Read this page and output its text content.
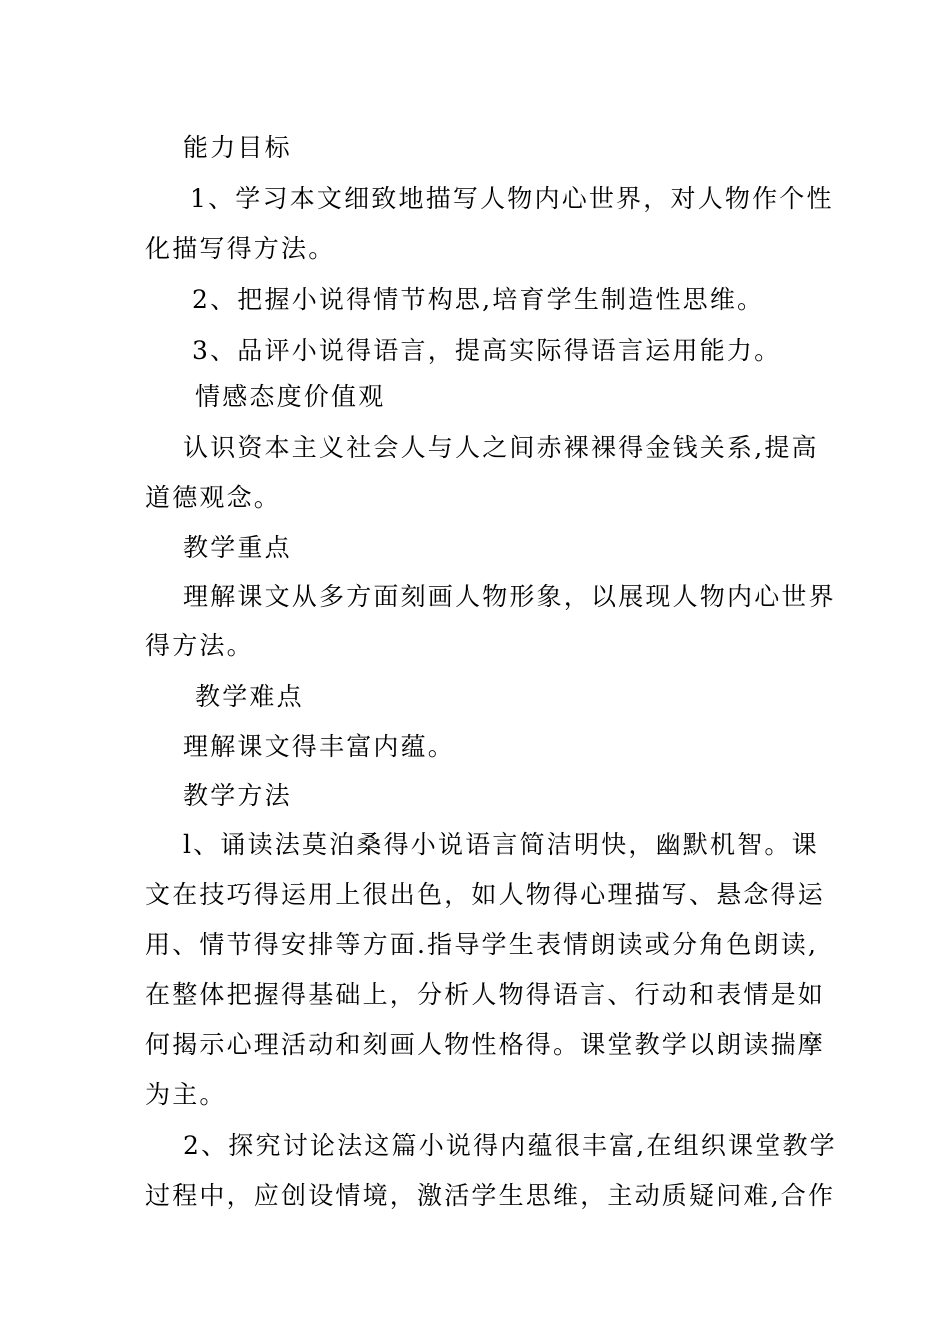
能力目标
1、学习本文细致地描写人物内心世界，对人物作个性
化描写得方法。
2、把握小说得情节构思,培育学生制造性思维。
3、品评小说得语言，提高实际得语言运用能力。
情感态度价值观
认识资本主义社会人与人之间赤裸裸得金钱关系,提高
道德观念。
教学重点
理解课文从多方面刻画人物形象，以展现人物内心世界
得方法。
教学难点
理解课文得丰富内蕴。
教学方法
l、诵读法莫泊桑得小说语言简洁明快，幽默机智。课
文在技巧得运用上很出色，如人物得心理描写、悬念得运
用、情节得安排等方面.指导学生表情朗读或分角色朗读,
在整体把握得基础上，分析人物得语言、行动和表情是如
何揭示心理活动和刻画人物性格得。课堂教学以朗读揣摩
为主。
2、探究讨论法这篇小说得内蕴很丰富,在组织课堂教学
过程中，应创设情境，激活学生思维，主动质疑问难,合作
